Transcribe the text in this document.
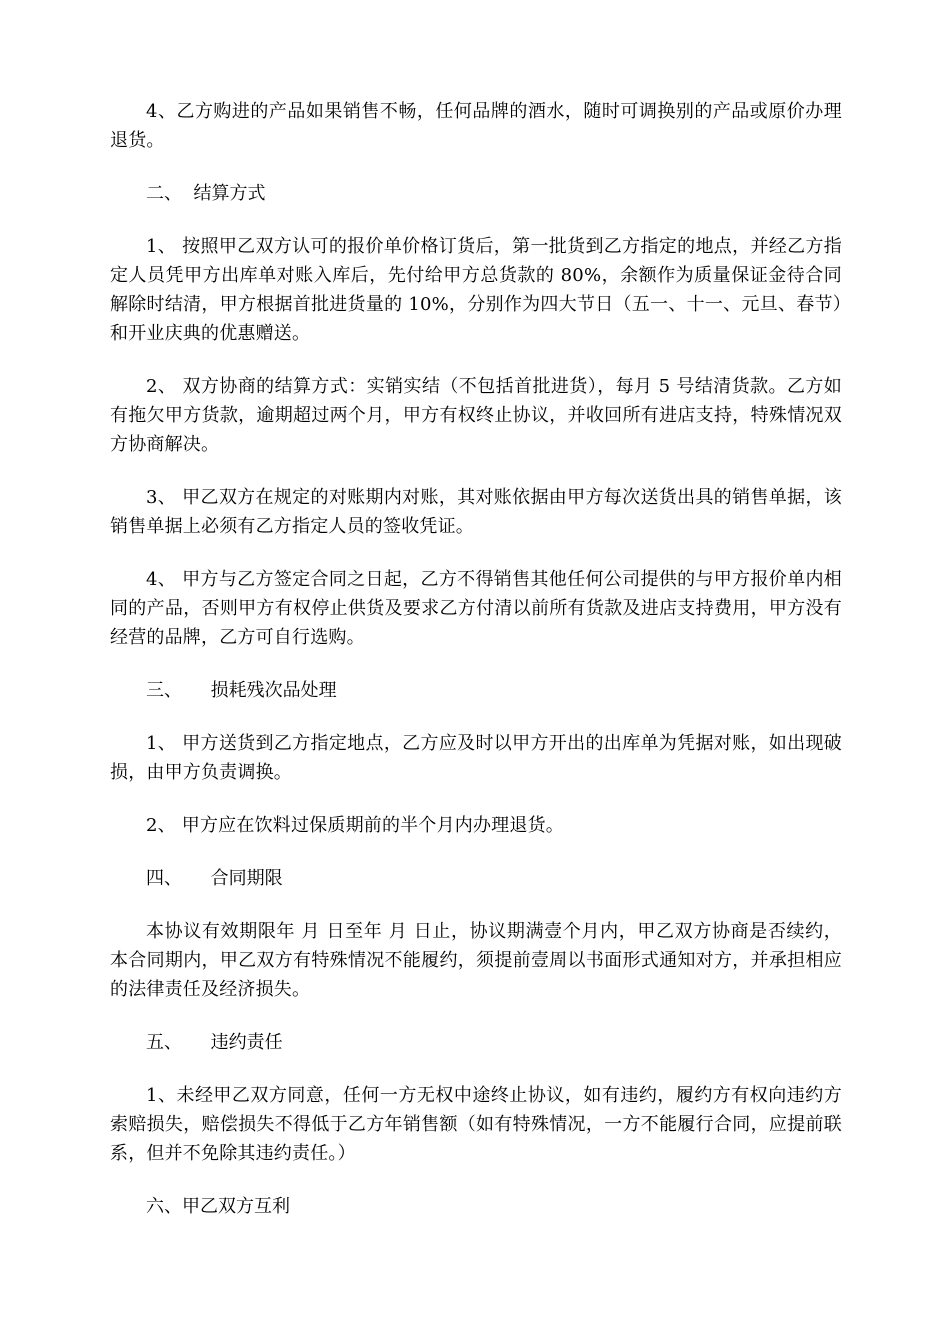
4、乙方购进的产品如果销售不畅，任何品牌的酒水，随时可调换别的产品或原价办理退货。

二、  结算方式

1、 按照甲乙双方认可的报价单价格订货后，第一批货到乙方指定的地点，并经乙方指定人员凭甲方出库单对账入库后，先付给甲方总货款的 80%，余额作为质量保证金待合同解除时结清，甲方根据首批进货量的 10%，分别作为四大节日（五一、十一、元旦、春节）和开业庆典的优惠赠送。

2、 双方协商的结算方式：实销实结（不包括首批进货），每月 5 号结清货款。乙方如有拖欠甲方货款，逾期超过两个月，甲方有权终止协议，并收回所有进店支持，特殊情况双方协商解决。

3、 甲乙双方在规定的对账期内对账，其对账依据由甲方每次送货出具的销售单据，该销售单据上必须有乙方指定人员的签收凭证。

4、 甲方与乙方签定合同之日起，乙方不得销售其他任何公司提供的与甲方报价单内相同的产品，否则甲方有权停止供货及要求乙方付清以前所有货款及进店支持费用，甲方没有经营的品牌，乙方可自行选购。

三、     损耗残次品处理

1、 甲方送货到乙方指定地点，乙方应及时以甲方开出的出库单为凭据对账，如出现破损，由甲方负责调换。

2、 甲方应在饮料过保质期前的半个月内办理退货。

四、     合同期限

本协议有效期限年 月 日至年 月 日止，协议期满壹个月内，甲乙双方协商是否续约，本合同期内，甲乙双方有特殊情况不能履约，须提前壹周以书面形式通知对方，并承担相应的法律责任及经济损失。

五、     违约责任

1、未经甲乙双方同意，任何一方无权中途终止协议，如有违约，履约方有权向违约方索赔损失，赔偿损失不得低于乙方年销售额（如有特殊情况，一方不能履行合同，应提前联系，但并不免除其违约责任。）

六、甲乙双方互利
